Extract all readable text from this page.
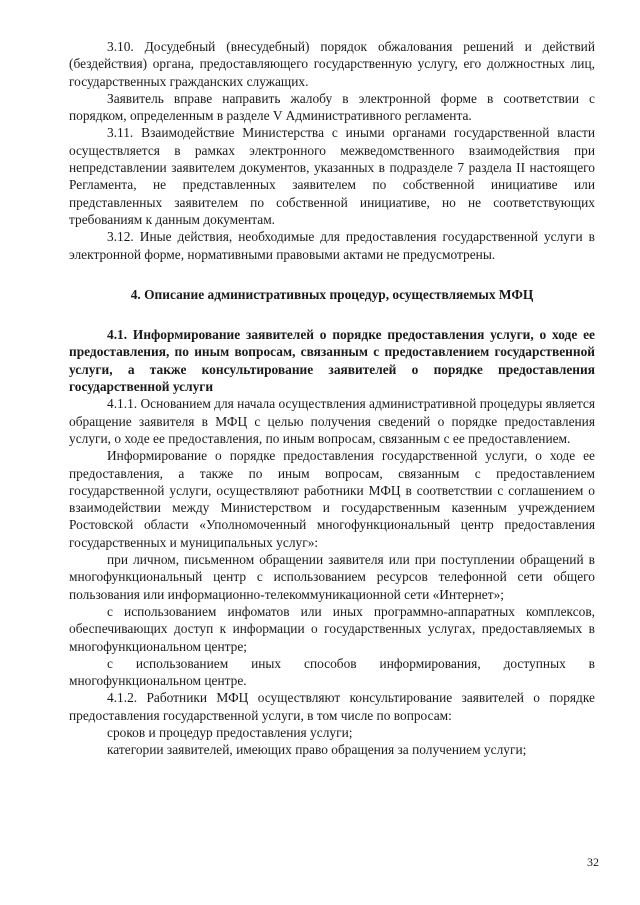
3.10. Досудебный (внесудебный) порядок обжалования решений и действий (бездействия) органа, предоставляющего государственную услугу, его должностных лиц, государственных гражданских служащих.

Заявитель вправе направить жалобу в электронной форме в соответствии с порядком, определенным в разделе V Административного регламента.

3.11. Взаимодействие Министерства с иными органами государственной власти осуществляется в рамках электронного межведомственного взаимодействия при непредставлении заявителем документов, указанных в подразделе 7 раздела II настоящего Регламента, не представленных заявителем по собственной инициативе или представленных заявителем по собственной инициативе, но не соответствующих требованиям к данным документам.

3.12. Иные действия, необходимые для предоставления государственной услуги в электронной форме, нормативными правовыми актами не предусмотрены.

4. Описание административных процедур, осуществляемых МФЦ

4.1. Информирование заявителей о порядке предоставления услуги, о ходе ее предоставления, по иным вопросам, связанным с предоставлением государственной услуги, а также консультирование заявителей о порядке предоставления государственной услуги

4.1.1. Основанием для начала осуществления административной процедуры является обращение заявителя в МФЦ с целью получения сведений о порядке предоставления услуги, о ходе ее предоставления, по иным вопросам, связанным с ее предоставлением.

Информирование о порядке предоставления государственной услуги, о ходе ее предоставления, а также по иным вопросам, связанным с предоставлением государственной услуги, осуществляют работники МФЦ в соответствии с соглашением о взаимодействии между Министерством и государственным казенным учреждением Ростовской области «Уполномоченный многофункциональный центр предоставления государственных и муниципальных услуг»:

при личном, письменном обращении заявителя или при поступлении обращений в многофункциональный центр с использованием ресурсов телефонной сети общего пользования или информационно-телекоммуникационной сети «Интернет»;

с использованием инфоматов или иных программно-аппаратных комплексов, обеспечивающих доступ к информации о государственных услугах, предоставляемых в многофункциональном центре;

с использованием иных способов информирования, доступных в многофункциональном центре.

4.1.2. Работники МФЦ осуществляют консультирование заявителей о порядке предоставления государственной услуги, в том числе по вопросам:

сроков и процедур предоставления услуги;

категории заявителей, имеющих право обращения за получением услуги;

32
